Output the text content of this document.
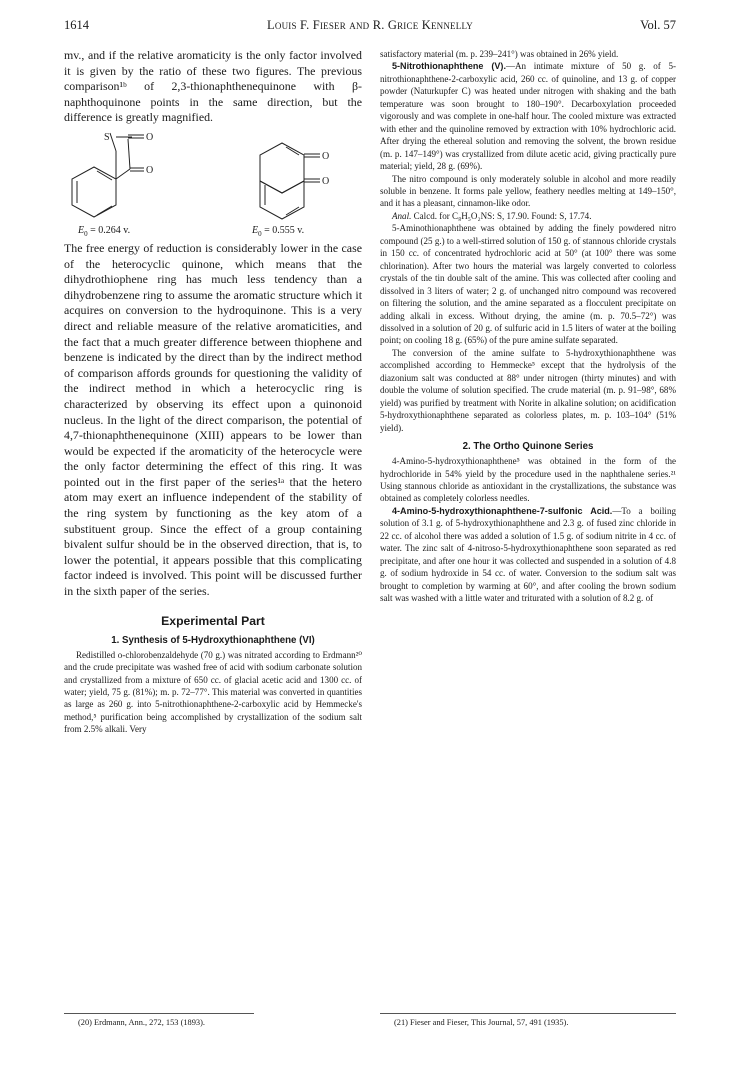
1614	Louis F. Fieser and R. Grice Kennelly	Vol. 57

mv., and if the relative aromaticity is the only factor involved it is given by the ratio of these two figures. The previous comparison¹ᵇ of 2,3-thionaphthenequinone with β-naphthoquinone points in the same direction, but the difference is greatly magnified.

S	O
O
O
O
$E_0 = 0.264$ v.	$E_0 = 0.555$ v.

The free energy of reduction is considerably lower in the case of the heterocyclic quinone, which means that the dihydrothiophene ring has much less tendency than a dihydrobenzene ring to assume the aromatic structure which it acquires on conversion to the hydroquinone. This is a very direct and reliable measure of the relative aromaticities, and the fact that a much greater difference between thiophene and benzene is indicated by the direct than by the indirect method of comparison affords grounds for questioning the validity of the indirect method in which a heterocyclic ring is characterized by observing its effect upon a quinonoid nucleus. In the light of the direct comparison, the potential of 4,7-thionaphthenequinone (XIII) appears to be lower than would be expected if the aromaticity of the heterocycle were the only factor determining the effect of this ring. It was pointed out in the first paper of the series¹ᵃ that the hetero atom may exert an influence independent of the stability of the ring system by functioning as the key atom of a substituent group. Since the effect of a group containing bivalent sulfur should be in the observed direction, that is, to lower the potential, it appears possible that this complicating factor indeed is involved. This point will be discussed further in the sixth paper of the series.

Experimental Part
1. Synthesis of 5-Hydroxythionaphthene (VI)

Redistilled o-chlorobenzaldehyde (70 g.) was nitrated according to Erdmann²⁰ and the crude precipitate was washed free of acid with sodium carbonate solution and crystallized from a mixture of 650 cc. of glacial acetic acid and 1300 cc. of water; yield, 75 g. (81%); m. p. 72–77°. This material was converted in quantities as large as 260 g. into 5-nitrothionaphthene-2-carboxylic acid by Hemmecke's method,⁵ purification being accomplished by crystallization of the sodium salt from 2.5% alkali. Very

satisfactory material (m. p. 239–241°) was obtained in 26% yield.

5-Nitrothionaphthene (V).—An intimate mixture of 50 g. of 5-nitrothionaphthene-2-carboxylic acid, 260 cc. of quinoline, and 13 g. of copper powder (Naturkupfer C) was heated under nitrogen with shaking and the bath temperature was soon brought to 180–190°. Decarboxylation proceeded vigorously and was complete in one-half hour. The cooled mixture was extracted with ether and the quinoline removed by extraction with 10% hydrochloric acid. After drying the ethereal solution and removing the solvent, the brown residue (m. p. 147–149°) was crystallized from dilute acetic acid, giving practically pure material; yield, 28 g. (69%).

The nitro compound is only moderately soluble in alcohol and more readily soluble in benzene. It forms pale yellow, feathery needles melting at 149–150°, and it has a pleasant, cinnamon-like odor.

Anal. Calcd. for C₈H₅O₂NS: S, 17.90. Found: S, 17.74.

5-Aminothionaphthene was obtained by adding the finely powdered nitro compound (25 g.) to a well-stirred solution of 150 g. of stannous chloride crystals in 150 cc. of concentrated hydrochloric acid at 50° (at 100° there was some chlorination). After two hours the material was largely converted to colorless crystals of the tin double salt of the amine. This was collected after cooling and dissolved in 3 liters of water; 2 g. of unchanged nitro compound was recovered on filtering the solution, and the amine separated as a flocculent precipitate on adding alkali in excess. Without drying, the amine (m. p. 70.5–72°) was dissolved in a solution of 20 g. of sulfuric acid in 1.5 liters of water at the boiling point; on cooling 18 g. (65%) of the pure amine sulfate separated.

The conversion of the amine sulfate to 5-hydroxythionaphthene was accomplished according to Hemmecke⁵ except that the hydrolysis of the diazonium salt was conducted at 88° under nitrogen (thirty minutes) and with double the volume of solution specified. The crude material (m. p. 91–98°, 68% yield) was purified by treatment with Norite in alkaline solution; on acidification 5-hydroxythionaphthene separated as colorless plates, m. p. 103–104° (51% yield).

2. The Ortho Quinone Series

4-Amino-5-hydroxythionaphthene⁵ was obtained in the form of the hydrochloride in 54% yield by the procedure used in the naphthalene series.²¹ Using stannous chloride as antioxidant in the crystallizations, the substance was obtained as completely colorless needles.

4-Amino-5-hydroxythionaphthene-7-sulfonic Acid.—To a boiling solution of 3.1 g. of 5-hydroxythionaphthene and 2.3 g. of fused zinc chloride in 22 cc. of alcohol there was added a solution of 1.5 g. of sodium nitrite in 4 cc. of water. The zinc salt of 4-nitroso-5-hydroxythionaphthene soon separated as red precipitate, and after one hour it was collected and suspended in a solution of 4.8 g. of sodium hydroxide in 54 cc. of water. Conversion to the sodium salt was brought to completion by warming at 60°, and after cooling the brown sodium salt was washed with a little water and triturated with a solution of 8.2 g. of

(20) Erdmann, Ann., 272, 153 (1893).	(21) Fieser and Fieser, This Journal, 57, 491 (1935).
